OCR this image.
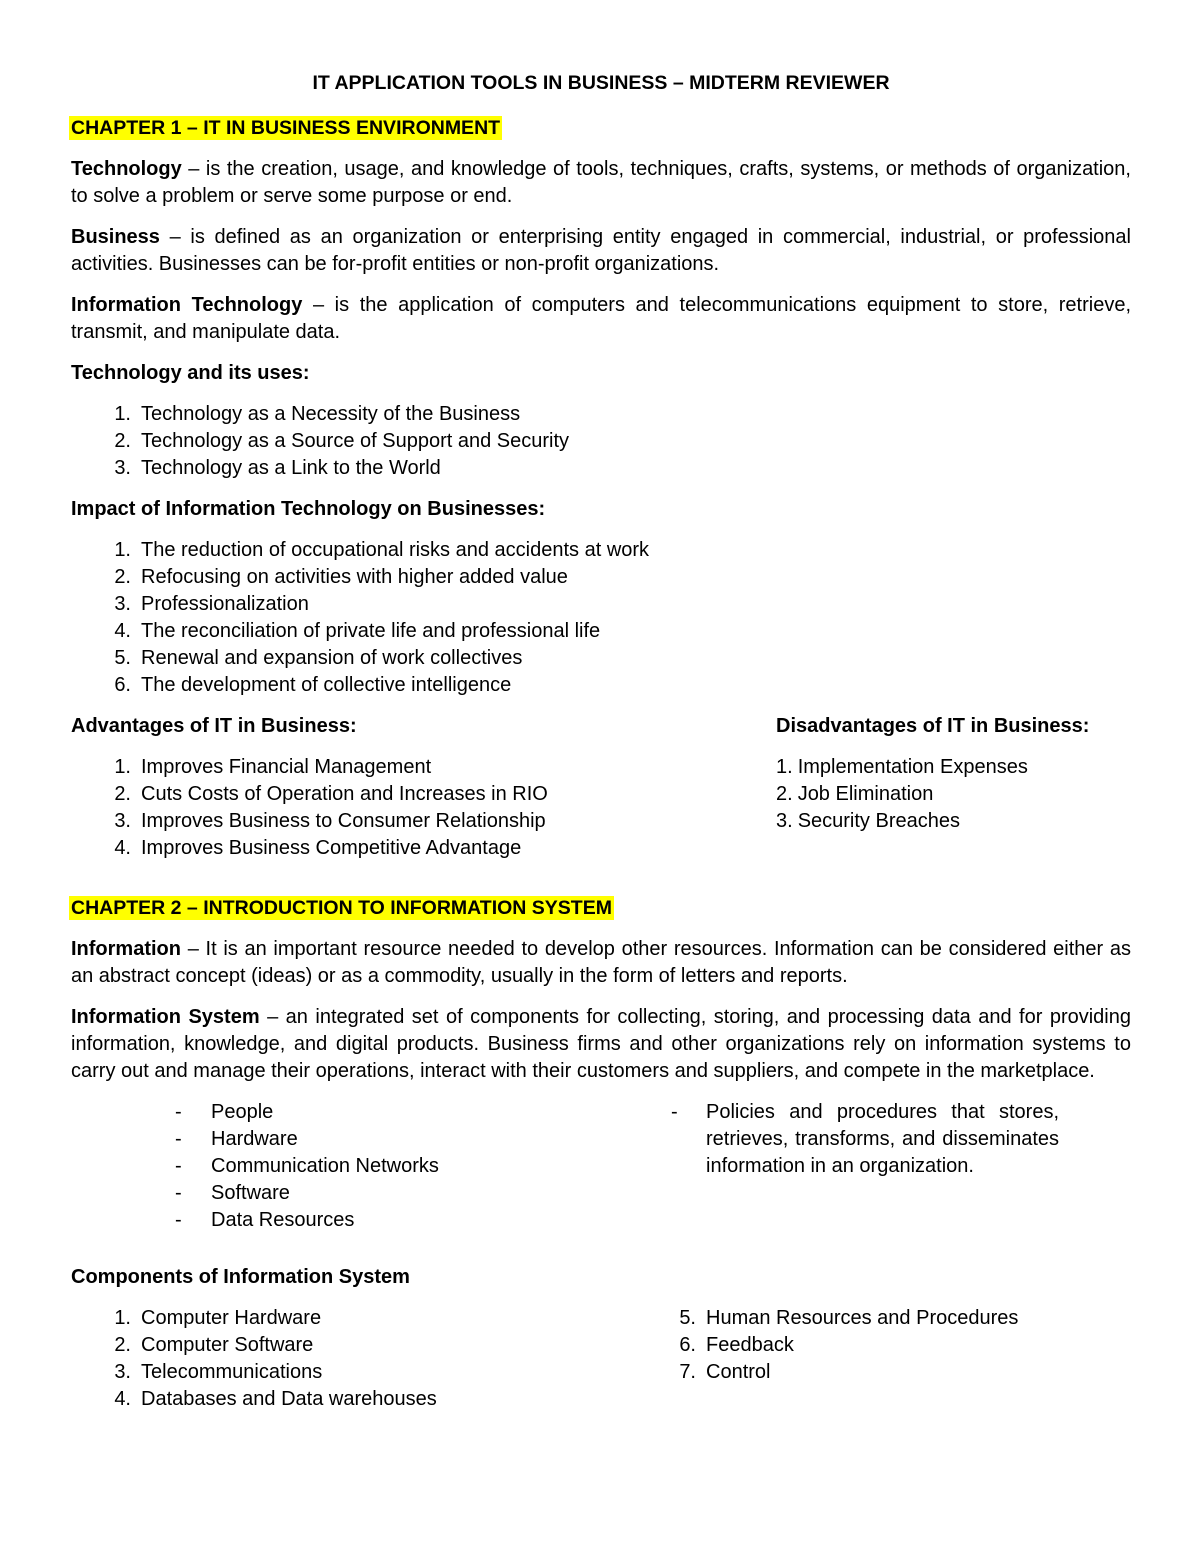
IT APPLICATION TOOLS IN BUSINESS – MIDTERM REVIEWER
CHAPTER 1 – IT IN BUSINESS ENVIRONMENT

Technology – is the creation, usage, and knowledge of tools, techniques, crafts, systems, or methods of organization, to solve a problem or serve some purpose or end.

Business – is defined as an organization or enterprising entity engaged in commercial, industrial, or professional activities. Businesses can be for-profit entities or non-profit organizations.

Information Technology – is the application of computers and telecommunications equipment to store, retrieve, transmit, and manipulate data.

Technology and its uses:
1. Technology as a Necessity of the Business
2. Technology as a Source of Support and Security
3. Technology as a Link to the World
Impact of Information Technology on Businesses:
1. The reduction of occupational risks and accidents at work
2. Refocusing on activities with higher added value
3. Professionalization
4. The reconciliation of private life and professional life
5. Renewal and expansion of work collectives
6. The development of collective intelligence
Advantages of IT in Business:
1. Improves Financial Management
2. Cuts Costs of Operation and Increases in RIO
3. Improves Business to Consumer Relationship
4. Improves Business Competitive Advantage
Disadvantages of IT in Business:
1. Implementation Expenses
2. Job Elimination
3. Security Breaches
CHAPTER 2 – INTRODUCTION TO INFORMATION SYSTEM

Information – It is an important resource needed to develop other resources. Information can be considered either as an abstract concept (ideas) or as a commodity, usually in the form of letters and reports.

Information System – an integrated set of components for collecting, storing, and processing data and for providing information, knowledge, and digital products. Business firms and other organizations rely on information systems to carry out and manage their operations, interact with their customers and suppliers, and compete in the marketplace.

-	People
-	Hardware
-	Communication Networks
-	Software
-	Data Resources
-	Policies and procedures that stores, retrieves, transforms, and disseminates information in an organization.
Components of Information System
1. Computer Hardware
2. Computer Software
3. Telecommunications
4. Databases and Data warehouses
5. Human Resources and Procedures
6. Feedback
7. Control
